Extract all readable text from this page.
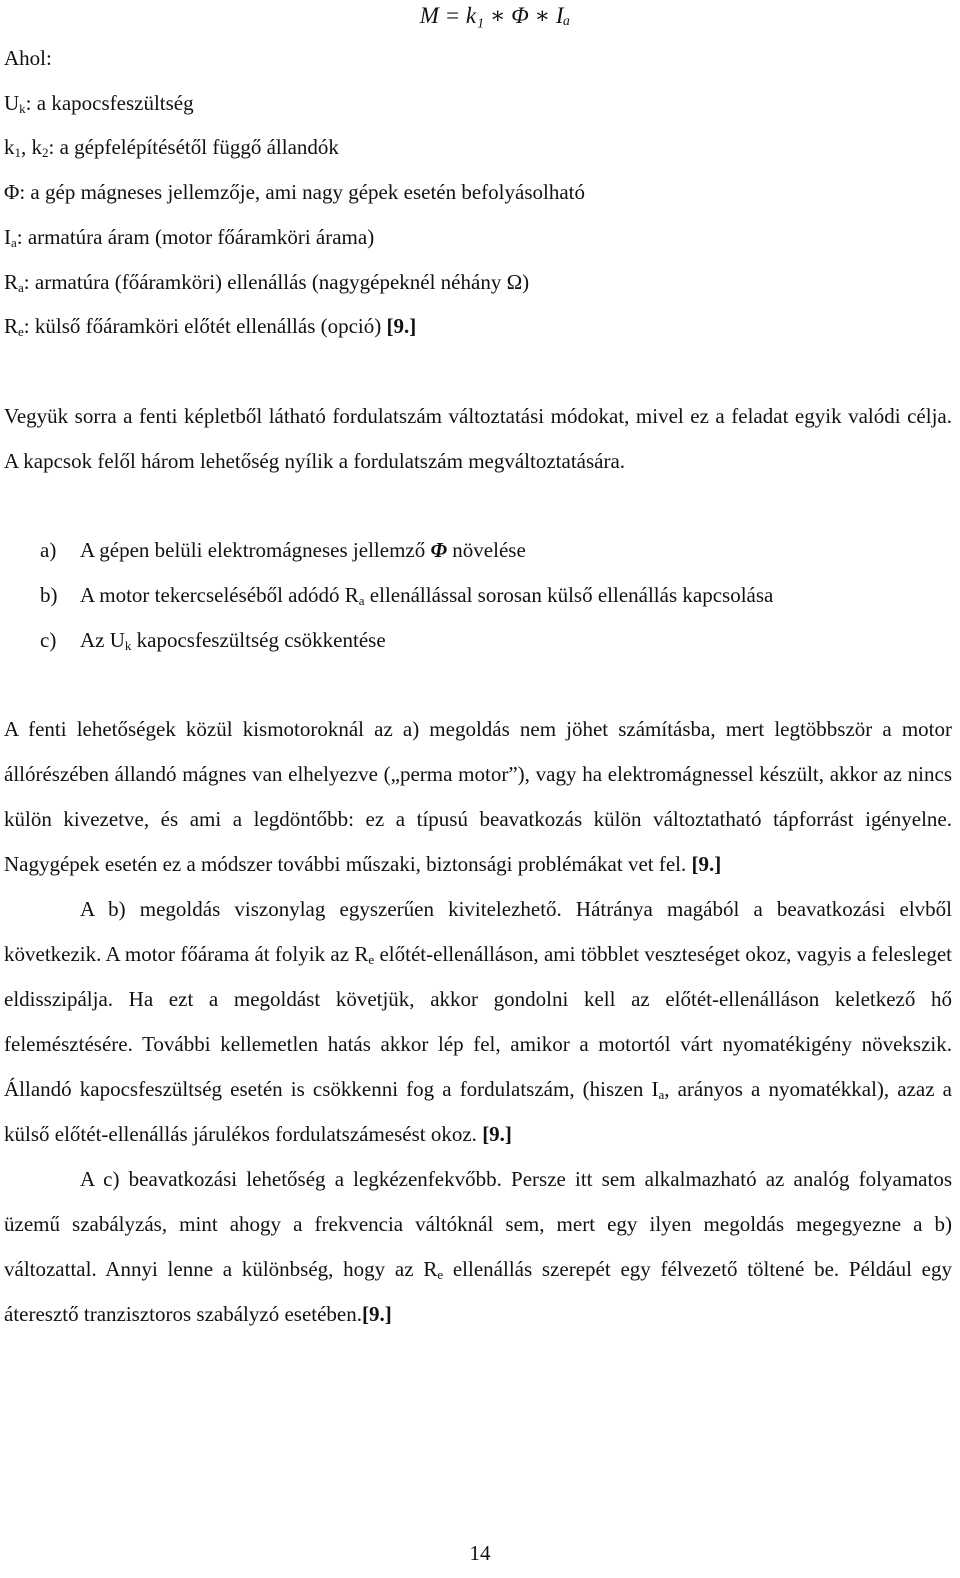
M = k₁ ∗ Φ ∗ Iₐ

Ahol:

$U_k$: a kapocsfeszültség

$k_1$, $k_2$: a gépfelépítésétől függő állandók

Φ: a gép mágneses jellemzője, ami nagy gépek esetén befolyásolható

$I_a$: armatúra áram (motor főáramköri árama)

$R_a$: armatúra (főáramköri) ellenállás (nagygépeknél néhány Ω)

$R_e$: külső főáramköri előtét ellenállás (opció) [9.]

Vegyük sorra a fenti képletből látható fordulatszám változtatási módokat, mivel ez a feladat egyik valódi célja. A kapcsok felől három lehetőség nyílik a fordulatszám megváltoztatására.

a) A gépen belüli elektromágneses jellemző Φ növelése

b) A motor tekercseléséből adódó $R_a$ ellenállással sorosan külső ellenállás kapcsolása

c) Az $U_k$ kapocsfeszültség csökkentése

A fenti lehetőségek közül kismotoroknál az a) megoldás nem jöhet számításba, mert legtöbbször a motor állórészében állandó mágnes van elhelyezve („perma motor”), vagy ha elektromágnessel készült, akkor az nincs külön kivezetve, és ami a legdöntőbb: ez a típusú beavatkozás külön változtatható tápforrást igényelne. Nagygépek esetén ez a módszer további műszaki, biztonsági problémákat vet fel. [9.]

A b) megoldás viszonylag egyszerűen kivitelezhető. Hátránya magából a beavatkozási elvből következik. A motor főárama át folyik az $R_e$ előtét-ellenálláson, ami többlet veszteséget okoz, vagyis a felesleget eldisszipálja. Ha ezt a megoldást követjük, akkor gondolni kell az előtét-ellenálláson keletkező hő felemésztésére. További kellemetlen hatás akkor lép fel, amikor a motortól várt nyomatékigény növekszik. Állandó kapocsfeszültség esetén is csökkenni fog a fordulatszám, (hiszen $I_a$, arányos a nyomatékkal), azaz a külső előtét-ellenállás járulékos fordulatszámesést okoz. [9.]

A c) beavatkozási lehetőség a legkézenfekvőbb. Persze itt sem alkalmazható az analóg folyamatos üzemű szabályzás, mint ahogy a frekvencia váltóknál sem, mert egy ilyen megoldás megegyezne a b) változattal. Annyi lenne a különbség, hogy az $R_e$ ellenállás szerepét egy félvezető töltené be. Például egy áteresztő tranzisztoros szabályzó esetében.[9.]

14
